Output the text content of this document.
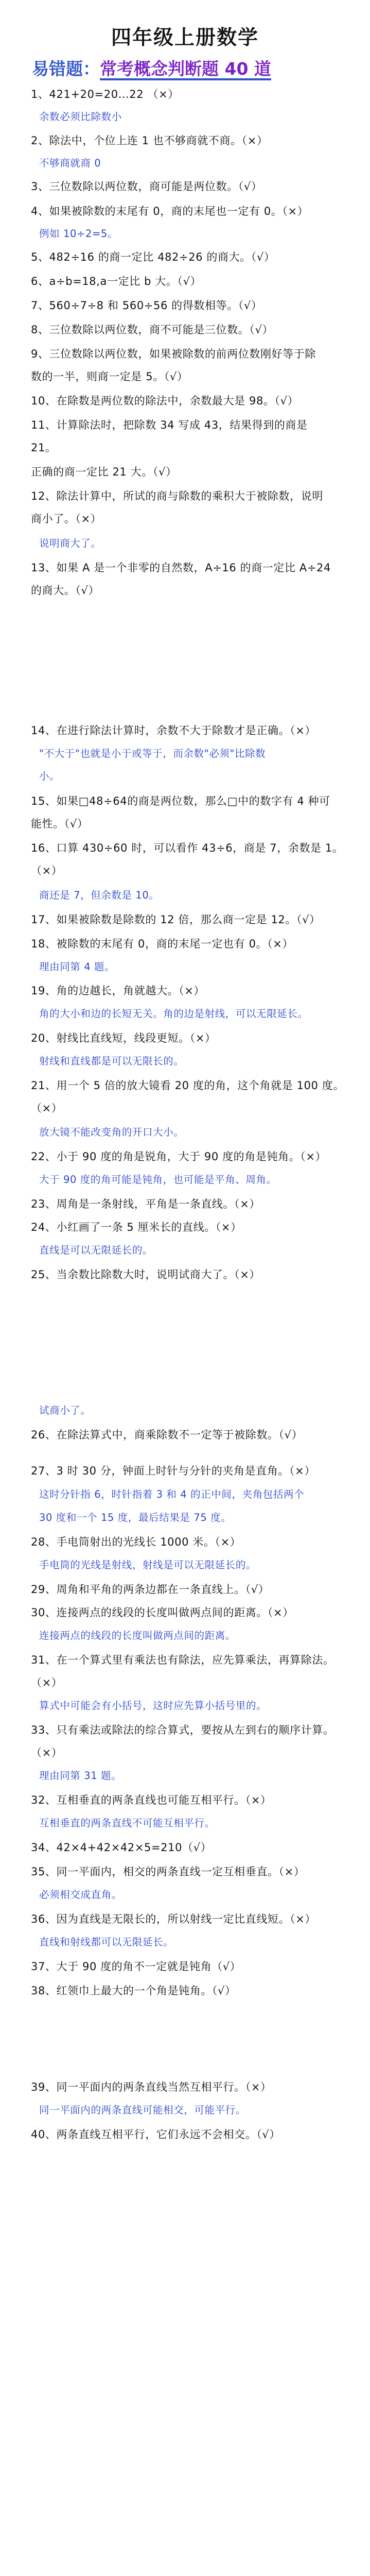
四年级上册数学
易错题：常考概念判断题 40 道
1、421+20=20…22 （×）
余数必须比除数小
2、除法中，个位上连 1 也不够商就不商。（×）
不够商就商 0
3、三位数除以两位数，商可能是两位数。（√）
4、如果被除数的末尾有 0，商的末尾也一定有 0。（×）
例如 10÷2=5。
5、482÷16 的商一定比 482÷26 的商大。（√）
6、a÷b=18,a一定比 b 大。（√）
7、560÷7÷8 和 560÷56 的得数相等。（√）
8、三位数除以两位数，商不可能是三位数。（√）
9、三位数除以两位数，如果被除数的前两位数刚好等于除
数的一半，则商一定是 5。（√）
10、在除数是两位数的除法中，余数最大是 98。（√）
11、计算除法时，把除数 34 写成 43，结果得到的商是
21。
正确的商一定比 21 大。（√）
12、除法计算中，所试的商与除数的乘积大于被除数，说明
商小了。（×）
说明商大了。
13、如果 A 是一个非零的自然数，A÷16 的商一定比 A÷24
的商大。（√）
14、在进行除法计算时，余数不大于除数才是正确。（×）
"不大于"也就是小于或等于，而余数"必须"比除数
小。
15、如果□48÷64的商是两位数，那么□中的数字有 4 种可
能性。（√）
16、口算 430÷60 时，可以看作 43÷6，商是 7，余数是 1。
（×）
商还是 7，但余数是 10。
17、如果被除数是除数的 12 倍，那么商一定是 12。（√）
18、被除数的末尾有 0，商的末尾一定也有 0。（×）
理由同第 4 题。
19、角的边越长，角就越大。（×）
角的大小和边的长短无关。角的边是射线，可以无限延长。
20、射线比直线短，线段更短。（×）
射线和直线都是可以无限长的。
21、用一个 5 倍的放大镜看 20 度的角，这个角就是 100 度。
（×）
放大镜不能改变角的开口大小。
22、小于 90 度的角是锐角，大于 90 度的角是钝角。（×）
大于 90 度的角可能是钝角，也可能是平角、周角。
23、周角是一条射线，平角是一条直线。（×）
24、小红画了一条 5 厘米长的直线。（×）
直线是可以无限延长的。
25、当余数比除数大时，说明试商大了。（×）
试商小了。
26、在除法算式中，商乘除数不一定等于被除数。（√）
27、3 时 30 分，钟面上时针与分针的夹角是直角。（×）
这时分针指 6，时针指着 3 和 4 的正中间，夹角包括两个
30 度和一个 15 度，最后结果是 75 度。
28、手电筒射出的光线长 1000 米。（×）
手电筒的光线是射线，射线是可以无限延长的。
29、周角和平角的两条边都在一条直线上。（√）
30、连接两点的线段的长度叫做两点间的距离。（×）
连接两点的线段的长度叫做两点间的距离。
31、在一个算式里有乘法也有除法，应先算乘法，再算除法。
（×）
算式中可能会有小括号，这时应先算小括号里的。
33、只有乘法或除法的综合算式，要按从左到右的顺序计算。
（×）
理由同第 31 题。
32、互相垂直的两条直线也可能互相平行。（×）
互相垂直的两条直线不可能互相平行。
34、42×4+42×42×5=210（√）
35、同一平面内，相交的两条直线一定互相垂直。（×）
必须相交成直角。
36、因为直线是无限长的，所以射线一定比直线短。（×）
直线和射线都可以无限延长。
37、大于 90 度的角不一定就是钝角（√）
38、红领巾上最大的一个角是钝角。（√）
39、同一平面内的两条直线当然互相平行。（×）
同一平面内的两条直线可能相交，可能平行。
40、两条直线互相平行，它们永远不会相交。（√）
